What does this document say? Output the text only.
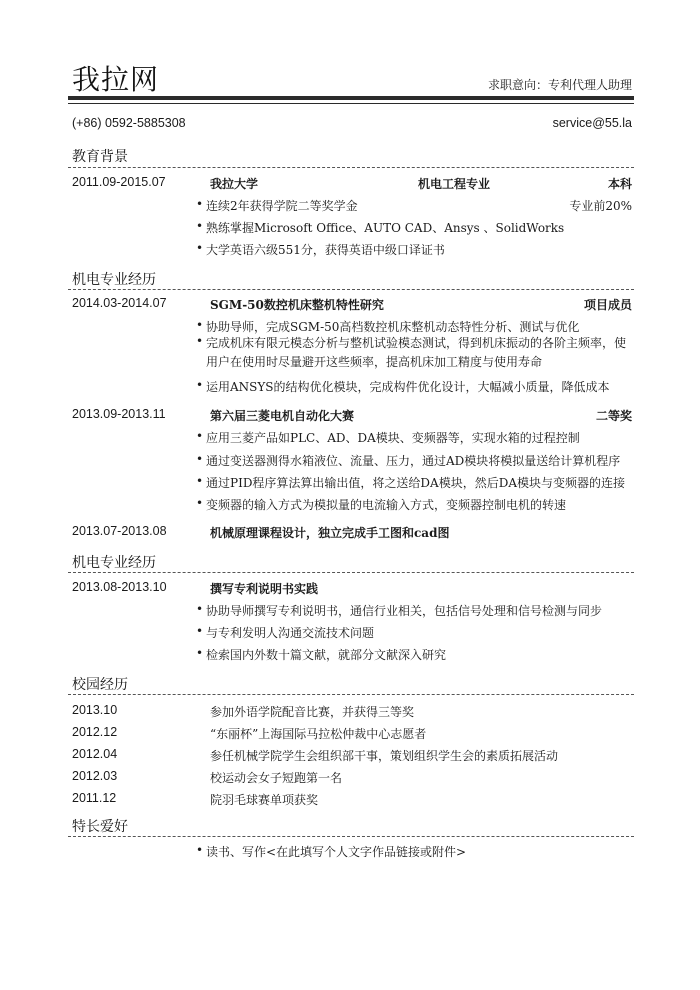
我拉网	求职意向：专利代理人助理
(+86) 0592-5885308	service@55.la
教育背景
2011.09-2015.07	我拉大学	机电工程专业	本科
• 连续2年获得学院二等奖学金	专业前20%
• 熟练掌握Microsoft Office、AUTO CAD、Ansys 、SolidWorks
• 大学英语六级551分，获得英语中级口译证书
机电专业经历
2014.03-2014.07	SGM-50数控机床整机特性研究	项目成员
• 协助导师，完成SGM-50高档数控机床整机动态特性分析、测试与优化
• 完成机床有限元模态分析与整机试验模态测试，得到机床振动的各阶主频率，使用户在使用时尽量避开这些频率，提高机床加工精度与使用寿命
• 运用ANSYS的结构优化模块，完成构件优化设计，大幅减小质量，降低成本
2013.09-2013.11	第六届三菱电机自动化大赛	二等奖
• 应用三菱产品如PLC、AD、DA模块、变频器等，实现水箱的过程控制
• 通过变送器测得水箱液位、流量、压力，通过AD模块将模拟量送给计算机程序
• 通过PID程序算法算出输出值，将之送给DA模块，然后DA模块与变频器的连接
• 变频器的输入方式为模拟量的电流输入方式，变频器控制电机的转速
2013.07-2013.08	机械原理课程设计，独立完成手工图和cad图
机电专业经历
2013.08-2013.10	撰写专利说明书实践
• 协助导师撰写专利说明书，通信行业相关，包括信号处理和信号检测与同步
• 与专利发明人沟通交流技术问题
• 检索国内外数十篇文献，就部分文献深入研究
校园经历
2013.10	参加外语学院配音比赛，并获得三等奖
2012.12	“东丽杯”上海国际马拉松仲裁中心志愿者
2012.04	参任机械学院学生会组织部干事，策划组织学生会的素质拓展活动
2012.03	校运动会女子短跑第一名
2011.12	院羽毛球赛单项获奖
特长爱好
• 读书、写作<在此填写个人文字作品链接或附件>
